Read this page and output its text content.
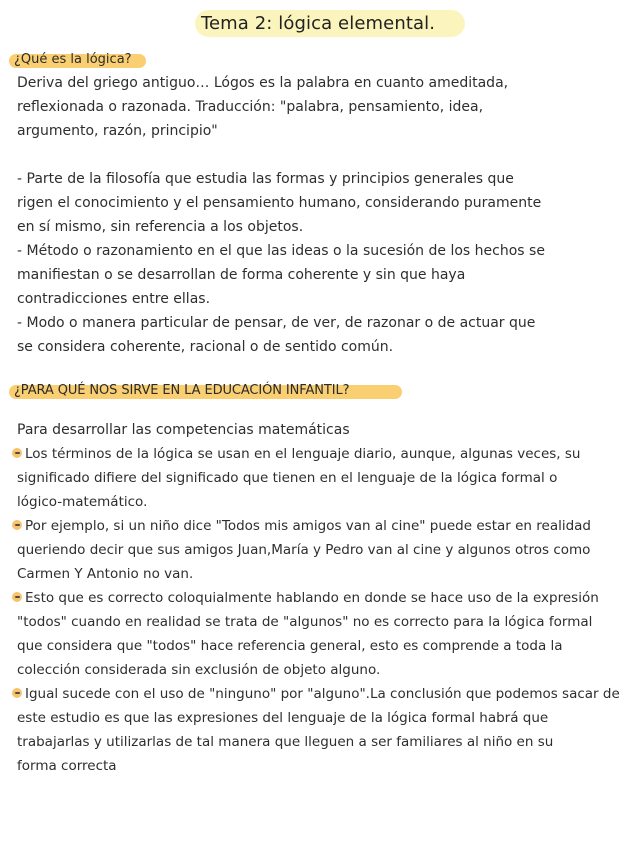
Tema 2: lógica elemental.
¿Qué es la lógica?
Deriva del griego antiguo… Lógos es la palabra en cuanto ameditada,
reflexionada o razonada. Traducción: "palabra, pensamiento, idea,
argumento, razón, principio"
- Parte de la filosofía que estudia las formas y principios generales que
rigen el conocimiento y el pensamiento humano, considerando puramente
en sí mismo, sin referencia a los objetos.
- Método o razonamiento en el que las ideas o la sucesión de los hechos se
manifiestan o se desarrollan de forma coherente y sin que haya
contradicciones entre ellas.
- Modo o manera particular de pensar, de ver, de razonar o de actuar que
se considera coherente, racional o de sentido común.
¿PARA QUÉ NOS SIRVE EN LA EDUCACIÓN INFANTIL?
Para desarrollar las competencias matemáticas
Los términos de la lógica se usan en el lenguaje diario, aunque, algunas veces, su
significado difiere del significado que tienen en el lenguaje de la lógica formal o
lógico-matemático.
Por ejemplo, si un niño dice "Todos mis amigos van al cine" puede estar en realidad
queriendo decir que sus amigos Juan,María y Pedro van al cine y algunos otros como
Carmen Y Antonio no van.
Esto que es correcto coloquialmente hablando en donde se hace uso de la expresión
"todos" cuando en realidad se trata de "algunos" no es correcto para la lógica formal
que considera que "todos" hace referencia general, esto es comprende a toda la
colección considerada sin exclusión de objeto alguno.
Igual sucede con el uso de "ninguno" por "alguno".La conclusión que podemos sacar de
este estudio es que las expresiones del lenguaje de la lógica formal habrá que
trabajarlas y utilizarlas de tal manera que lleguen a ser familiares al niño en su
forma correcta
